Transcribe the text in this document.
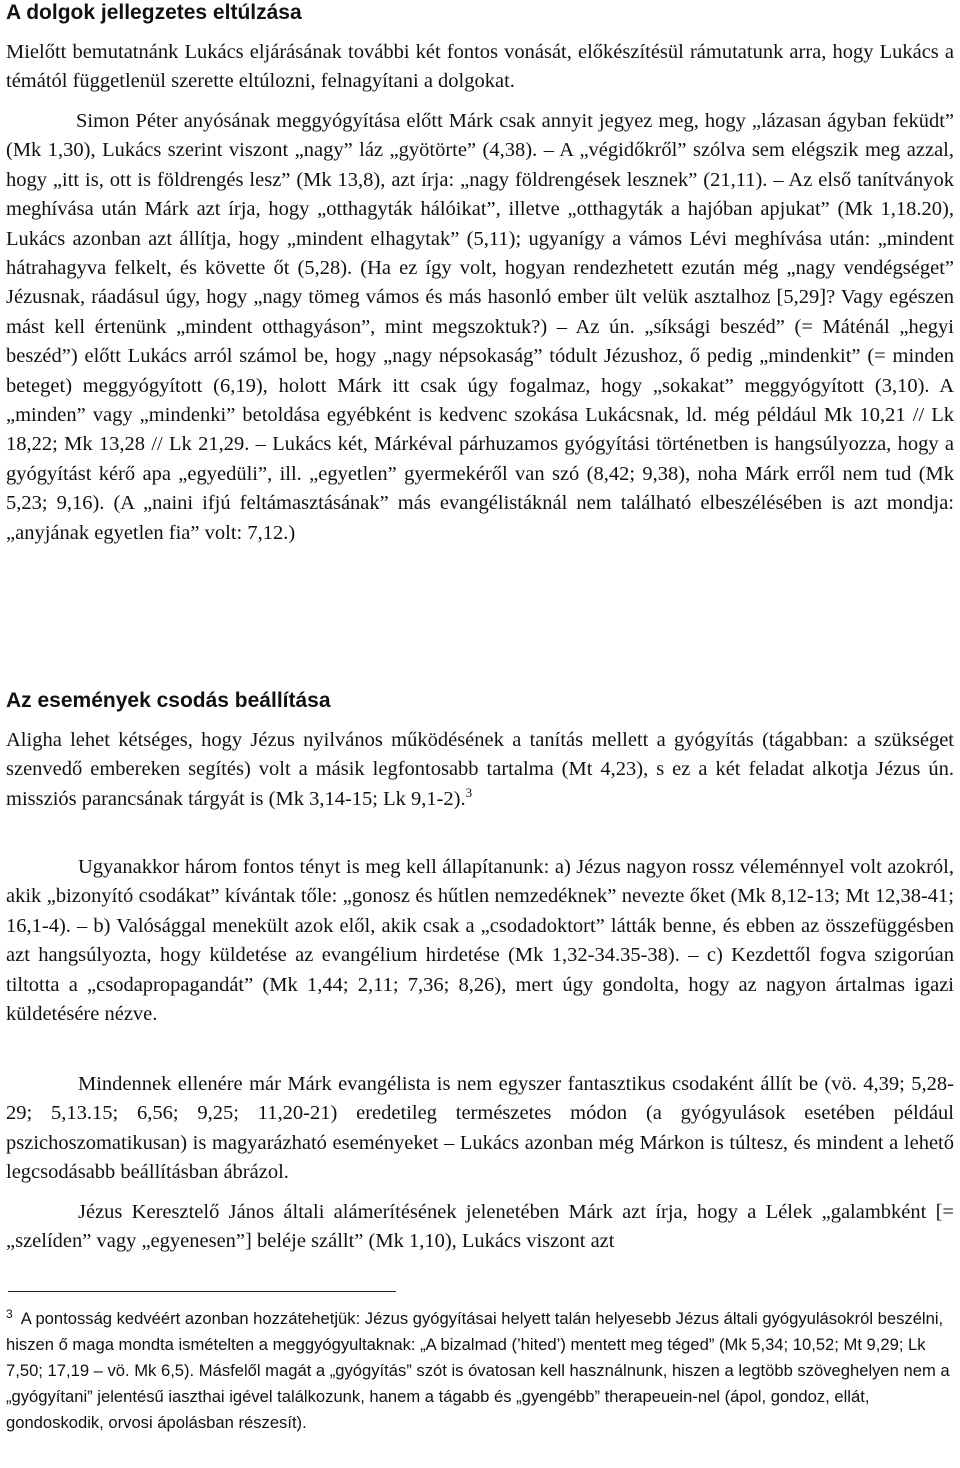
A dolgok jellegzetes eltúlzása

Mielőtt bemutatnánk Lukács eljárásának további két fontos vonását, előkészítésül rámutatunk arra, hogy Lukács a témától függetlenül szerette eltúlozni, felnagyítani a dolgokat.

Simon Péter anyósának meggyógyítása előtt Márk csak annyit jegyez meg, hogy „lázasan ágyban feküdt” (Mk 1,30), Lukács szerint viszont „nagy” láz „gyötörte” (4,38). – A „végidőkről” szólva sem elégszik meg azzal, hogy „itt is, ott is földrengés lesz” (Mk 13,8), azt írja: „nagy földrengések lesznek” (21,11). – Az első tanítványok meghívása után Márk azt írja, hogy „otthagyták hálóikat”, illetve „otthagyták a hajóban apjukat” (Mk 1,18.20), Lukács azonban azt állítja, hogy „mindent elhagytak” (5,11); ugyanígy a vámos Lévi meghívása után: „mindent hátrahagyva felkelt, és követte őt (5,28). (Ha ez így volt, hogyan rendezhetett ezután még „nagy vendégséget” Jézusnak, ráadásul úgy, hogy „nagy tömeg vámos és más hasonló ember ült velük asztalhoz [5,29]? Vagy egészen mást kell értenünk „mindent otthagyáson”, mint megszoktuk?) – Az ún. „síksági beszéd” (= Máténál „hegyi beszéd”) előtt Lukács arról számol be, hogy „nagy népsokaság” tódult Jézushoz, ő pedig „mindenkit” (= minden beteget) meggyógyított (6,19), holott Márk itt csak úgy fogalmaz, hogy „sokakat” meggyógyított (3,10). A „minden” vagy „mindenki” betoldása egyébként is kedvenc szokása Lukácsnak, ld. még például Mk 10,21 // Lk 18,22; Mk 13,28 // Lk 21,29. – Lukács két, Márkéval párhuzamos gyógyítási történetben is hangsúlyozza, hogy a gyógyítást kérő apa „egyedüli”, ill. „egyetlen” gyermekéről van szó (8,42; 9,38), noha Márk erről nem tud (Mk 5,23; 9,16). (A „naini ifjú feltámasztásának” más evangélistáknál nem található elbeszélésében is azt mondja: „anyjának egyetlen fia” volt: 7,12.)

Az események csodás beállítása

Aligha lehet kétséges, hogy Jézus nyilvános működésének a tanítás mellett a gyógyítás (tágabban: a szükséget szenvedő embereken segítés) volt a másik legfontosabb tartalma (Mt 4,23), s ez a két feladat alkotja Jézus ún. missziós parancsának tárgyát is (Mk 3,14-15; Lk 9,1-2).$^3$

Ugyanakkor három fontos tényt is meg kell állapítanunk: a) Jézus nagyon rossz véleménnyel volt azokról, akik „bizonyító csodákat” kívántak tőle: „gonosz és hűtlen nemzedéknek” nevezte őket (Mk 8,12-13; Mt 12,38-41; 16,1-4). – b) Valósággal menekült azok elől, akik csak a „csodadoktort” látták benne, és ebben az összefüggésben azt hangsúlyozta, hogy küldetése az evangélium hirdetése (Mk 1,32-34.35-38). – c) Kezdettől fogva szigorúan tiltotta a „csodapropagandát” (Mk 1,44; 2,11; 7,36; 8,26), mert úgy gondolta, hogy az nagyon ártalmas igazi küldetésére nézve.

Mindennek ellenére már Márk evangélista is nem egyszer fantasztikus csodaként állít be (vö. 4,39; 5,28-29; 5,13.15; 6,56; 9,25; 11,20-21) eredetileg természetes módon (a gyógyulások esetében például pszichoszomatikusan) is magyarázható eseményeket – Lukács azonban még Márkon is túltesz, és mindent a lehető legcsodásabb beállításban ábrázol.

Jézus Keresztelő János általi alámerítésének jelenetében Márk azt írja, hogy a Lélek „galambként [= „szelíden” vagy „egyenesen”] beléje szállt” (Mk 1,10), Lukács viszont azt

$^3$ A pontosság kedvéért azonban hozzátehetjük: Jézus gyógyításai helyett talán helyesebb Jézus általi gyógyulásokról beszélni, hiszen ő maga mondta ismételten a meggyógyultaknak: „A bizalmad (’hited’) mentett meg téged” (Mk 5,34; 10,52; Mt 9,29; Lk 7,50; 17,19 – vö. Mk 6,5). Másfelől magát a „gyógyítás” szót is óvatosan kell használnunk, hiszen a legtöbb szöveghelyen nem a „gyógyítani” jelentésű iaszthai igével találkozunk, hanem a tágabb és „gyengébb” therapeuein-nel (ápol, gondoz, ellát, gondoskodik, orvosi ápolásban részesít).
